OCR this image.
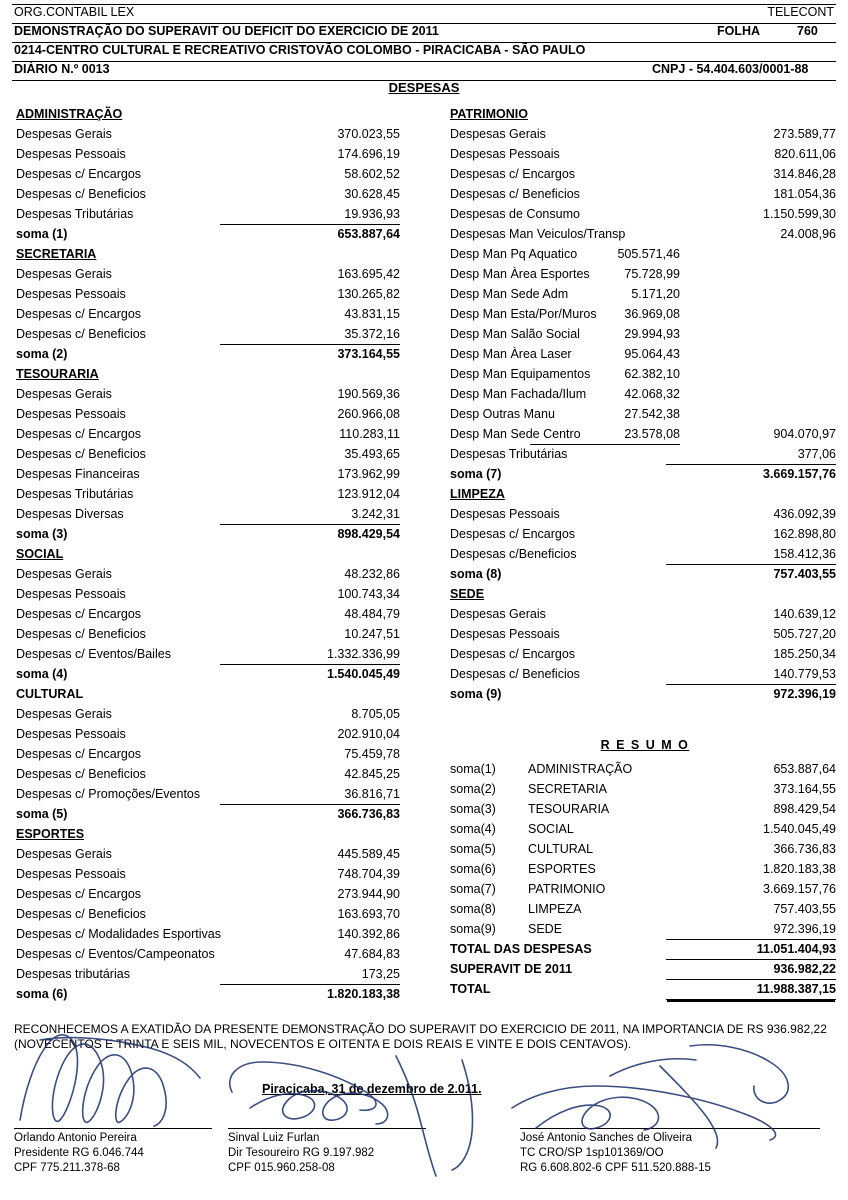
ORG.CONTABIL LEX	TELECONT
DEMONSTRAÇÃO DO SUPERAVIT OU DEFICIT DO EXERCICIO DE 2011	FOLHA	760
0214-CENTRO CULTURAL E RECREATIVO CRISTOVÃO COLOMBO - PIRACICABA - SÃO PAULO
DIÁRIO N.º 0013	CNPJ - 54.404.603/0001-88
DESPESAS
ADMINISTRAÇÃO
Despesas Gerais	370.023,55
Despesas Pessoais	174.696,19
Despesas c/ Encargos	58.602,52
Despesas c/ Beneficios	30.628,45
Despesas Tributárias	19.936,93
soma (1)	653.887,64
SECRETARIA
Despesas Gerais	163.695,42
Despesas Pessoais	130.265,82
Despesas c/ Encargos	43.831,15
Despesas c/ Beneficios	35.372,16
soma (2)	373.164,55
TESOURARIA
Despesas Gerais	190.569,36
Despesas Pessoais	260.966,08
Despesas c/ Encargos	110.283,11
Despesas c/ Beneficios	35.493,65
Despesas Financeiras	173.962,99
Despesas Tributárias	123.912,04
Despesas Diversas	3.242,31
soma (3)	898.429,54
SOCIAL
Despesas Gerais	48.232,86
Despesas Pessoais	100.743,34
Despesas c/ Encargos	48.484,79
Despesas c/ Beneficios	10.247,51
Despesas c/ Eventos/Bailes	1.332.336,99
soma (4)	1.540.045,49
CULTURAL
Despesas Gerais	8.705,05
Despesas Pessoais	202.910,04
Despesas c/ Encargos	75.459,78
Despesas c/ Beneficios	42.845,25
Despesas c/ Promoções/Eventos	36.816,71
soma (5)	366.736,83
ESPORTES
Despesas Gerais	445.589,45
Despesas Pessoais	748.704,39
Despesas c/ Encargos	273.944,90
Despesas c/ Beneficios	163.693,70
Despesas c/ Modalidades Esportivas	140.392,86
Despesas c/ Eventos/Campeonatos	47.684,83
Despesas tributárias	173,25
soma (6)	1.820.183,38
PATRIMONIO
Despesas Gerais	273.589,77
Despesas Pessoais	820.611,06
Despesas c/ Encargos	314.846,28
Despesas c/ Beneficios	181.054,36
Despesas de Consumo	1.150.599,30
Despesas Man Veiculos/Transp	24.008,96
Desp Man Pq Aquatico	505.571,46
Desp Man Àrea Esportes	75.728,99
Desp Man Sede Adm	5.171,20
Desp Man Esta/Por/Muros	36.969,08
Desp Man Salão Social	29.994,93
Desp Man Àrea Laser	95.064,43
Desp Man Equipamentos	62.382,10
Desp Man Fachada/Ilum	42.068,32
Desp Outras Manu	27.542,38
Desp Man Sede Centro	23.578,08	904.070,97
Despesas Tributárias	377,06
soma (7)	3.669.157,76
LIMPEZA
Despesas Pessoais	436.092,39
Despesas c/ Encargos	162.898,80
Despesas c/Beneficios	158.412,36
soma (8)	757.403,55
SEDE
Despesas Gerais	140.639,12
Despesas Pessoais	505.727,20
Despesas c/ Encargos	185.250,34
Despesas c/ Beneficios	140.779,53
soma (9)	972.396,19
R E S U M O
soma(1)	ADMINISTRAÇÃO	653.887,64
soma(2)	SECRETARIA	373.164,55
soma(3)	TESOURARIA	898.429,54
soma(4)	SOCIAL	1.540.045,49
soma(5)	CULTURAL	366.736,83
soma(6)	ESPORTES	1.820.183,38
soma(7)	PATRIMONIO	3.669.157,76
soma(8)	LIMPEZA	757.403,55
soma(9)	SEDE	972.396,19
TOTAL DAS DESPESAS	11.051.404,93
SUPERAVIT DE 2011	936.982,22
TOTAL	11.988.387,15
RECONHECEMOS A EXATIDÃO DA PRESENTE DEMONSTRAÇÃO DO SUPERAVIT DO EXERCICIO DE 2011, NA IMPORTANCIA DE RS 936.982,22 (NOVECENTOS E TRINTA E SEIS MIL, NOVECENTOS E OITENTA E DOIS REAIS E VINTE E DOIS CENTAVOS).
Piracicaba, 31 de dezembro de 2.011.
Orlando Antonio Pereira
Presidente RG 6.046.744
CPF 775.211.378-68
Sinval Luiz Furlan
Dir Tesoureiro RG 9.197.982
CPF 015.960.258-08
José Antonio Sanches de Oliveira
TC CRO/SP 1sp101369/OO
RG 6.608.802-6 CPF 511.520.888-15
